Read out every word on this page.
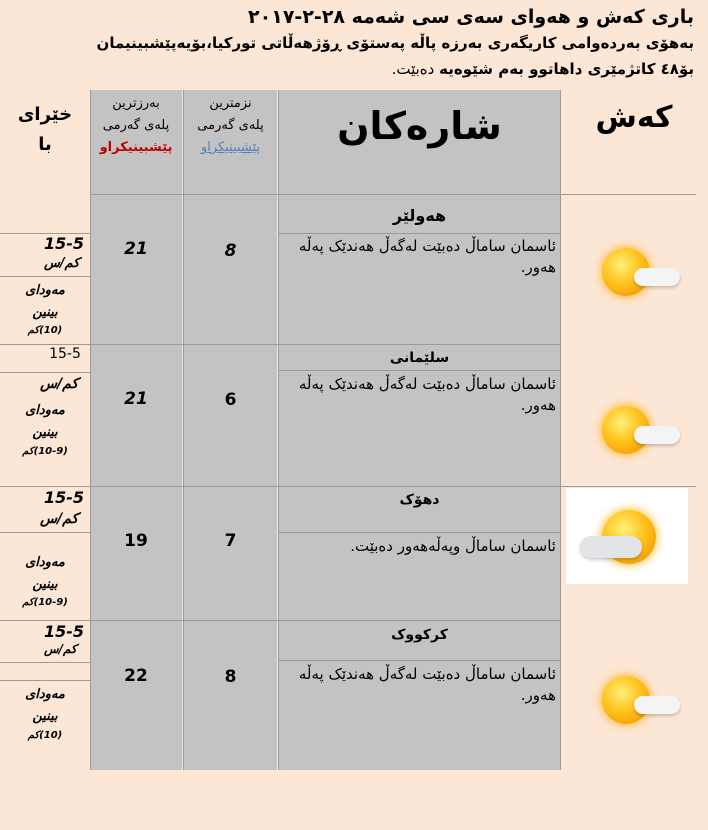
باری كەش و هەوای سەی سی شەمە ٢٨-٢-٢٠١٧
بەهۆی بەردەوامی كاریگەری بەرزە پاڵە پەستۆی ڕۆژهەڵاتی توركیا،بۆیەپێشبینیمان
بۆ٤٨ كاتژمێری داهاتوو بەم شێوەیە دەبێت.
كەش
شارەكان
نزمترین
پلەی گەرمی
پێشبینیكراو
بەرزترین
پلەی گەرمی
پێشبینیكراو
خێرای
با
هەولێر
ئاسمان ساماڵ دەبێت لەگەڵ هەندێک پەڵە هەور.
8
21
15-5
كم/س
مەودای
بینین
(10)كم
سلێمانی
ئاسمان ساماڵ دەبێت لەگەڵ هەندێک پەڵە هەور.
6
21
15-5
كم/س
مەودای
بینین
(10-9)كم
دهۆک
ئاسمان ساماڵ وپەڵەهەور دەبێت.
7
19
15-5
كم/س
مەودای
بینین
(10-9)كم
كركووک
ئاسمان ساماڵ دەبێت لەگەڵ هەندێک پەڵە هەور.
8
22
15-5
كم/س
مەودای
بینین
(10)كم
